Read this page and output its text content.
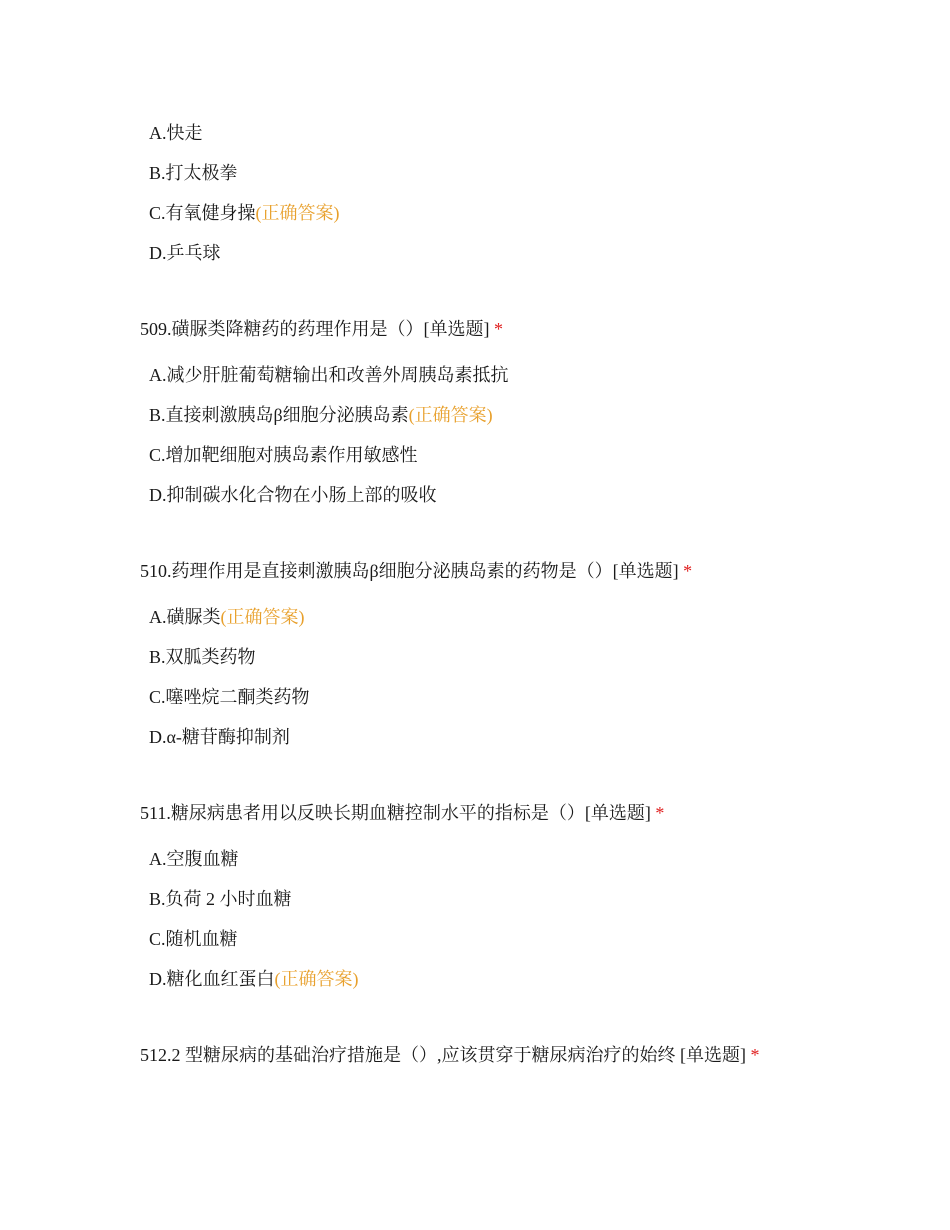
A.快走
B.打太极拳
C.有氧健身操(正确答案)
D.乒乓球
509.磺脲类降糖药的药理作用是（）[单选题] *
A.减少肝脏葡萄糖输出和改善外周胰岛素抵抗
B.直接刺激胰岛β细胞分泌胰岛素(正确答案)
C.增加靶细胞对胰岛素作用敏感性
D.抑制碳水化合物在小肠上部的吸收
510.药理作用是直接刺激胰岛β细胞分泌胰岛素的药物是（）[单选题] *
A.磺脲类(正确答案)
B.双胍类药物
C.噻唑烷二酮类药物
D.α-糖苷酶抑制剂
511.糖尿病患者用以反映长期血糖控制水平的指标是（）[单选题] *
A.空腹血糖
B.负荷 2 小时血糖
C.随机血糖
D.糖化血红蛋白(正确答案)
512.2 型糖尿病的基础治疗措施是（）,应该贯穿于糖尿病治疗的始终 [单选题] *
